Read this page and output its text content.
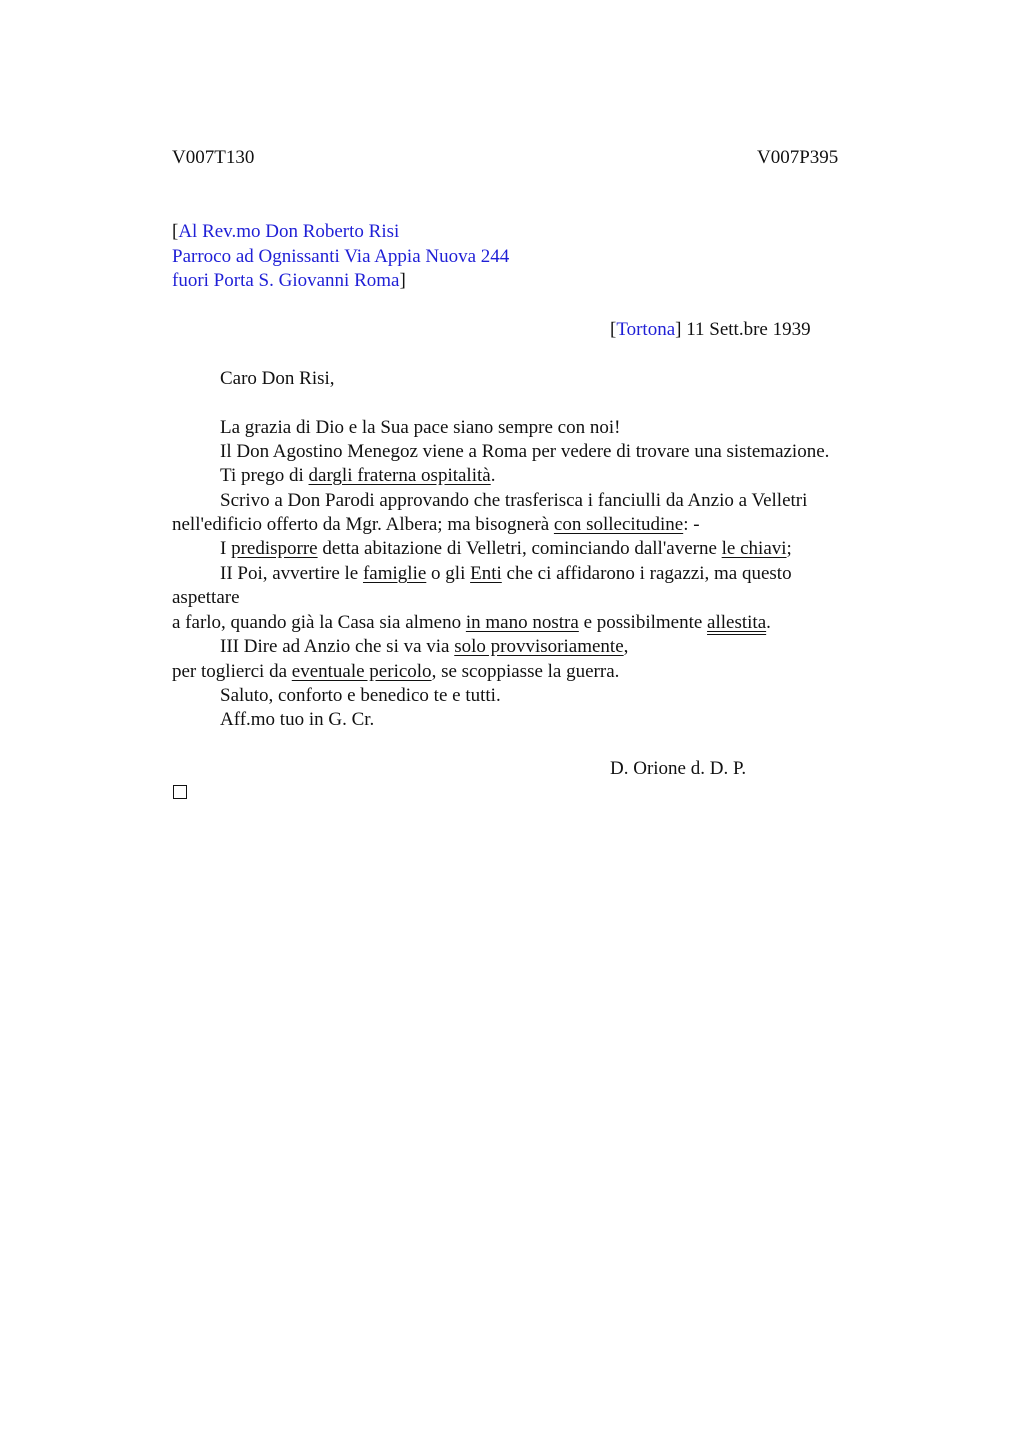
V007T130	V007P395
[Al Rev.mo Don Roberto Risi
Parroco ad Ognissanti Via Appia Nuova 244
fuori Porta S. Giovanni Roma]
[Tortona] 11 Sett.bre 1939
Caro Don Risi,
La grazia di Dio e la Sua pace siano sempre con noi!
Il Don Agostino Menegoz viene a Roma per vedere di trovare una sistemazione.
Ti prego di dargli fraterna ospitalità.
Scrivo a Don Parodi approvando che trasferisca i fanciulli da Anzio a Velletri
nell'edificio offerto da Mgr. Albera; ma bisognerà con sollecitudine: -
I predisporre detta abitazione di Velletri, cominciando dall'averne le chiavi;
II Poi, avvertire le famiglie o gli Enti che ci affidarono i ragazzi, ma questo
aspettare
a farlo, quando già la Casa sia almeno in mano nostra e possibilmente allestita.
III Dire ad Anzio che si va via solo provvisoriamente,
per toglierci da eventuale pericolo, se scoppiasse la guerra.
Saluto, conforto e benedico te e tutti.
Aff.mo tuo in G. Cr.
D. Orione d. D. P.
